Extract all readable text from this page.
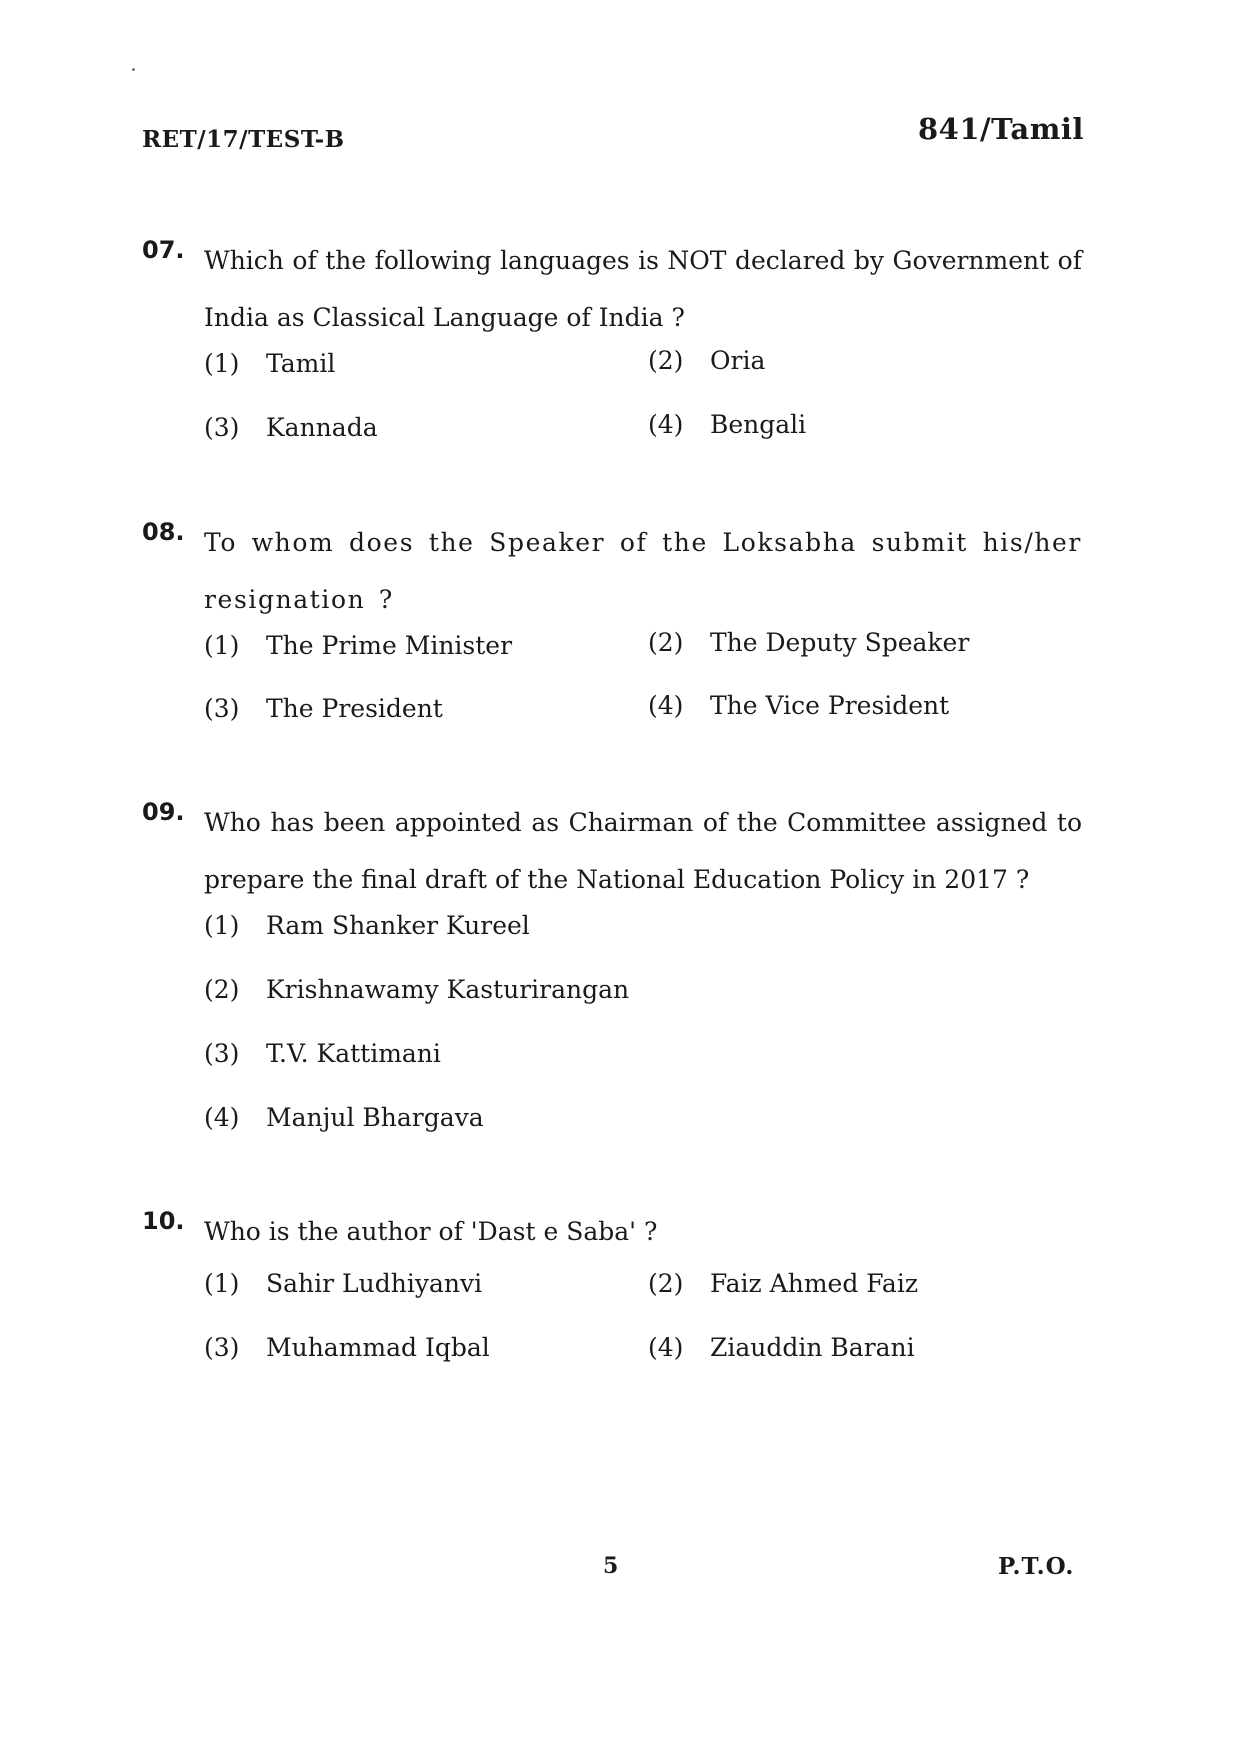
RET/17/TEST-B	841/Tamil
07. Which of the following languages is NOT declared by Government of India as Classical Language of India ?
(1) Tamil	(2) Oria
(3) Kannada	(4) Bengali
08. To whom does the Speaker of the Loksabha submit his/her resignation ?
(1) The Prime Minister	(2) The Deputy Speaker
(3) The President	(4) The Vice President
09. Who has been appointed as Chairman of the Committee assigned to prepare the final draft of the National Education Policy in 2017 ?
(1) Ram Shanker Kureel
(2) Krishnawamy Kasturirangan
(3) T.V. Kattimani
(4) Manjul Bhargava
10. Who is the author of 'Dast e Saba' ?
(1) Sahir Ludhiyanvi	(2) Faiz Ahmed Faiz
(3) Muhammad Iqbal	(4) Ziauddin Barani
5	P.T.O.
